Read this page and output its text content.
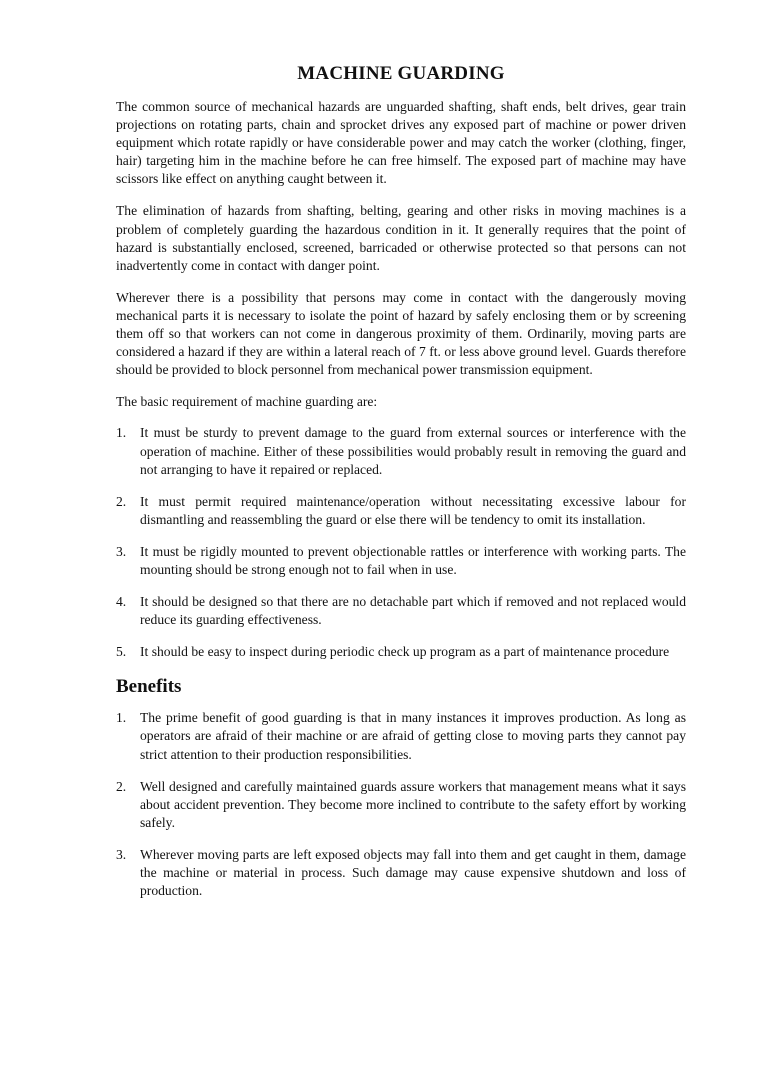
MACHINE GUARDING

The common source of mechanical hazards are unguarded shafting, shaft ends, belt drives, gear train projections on rotating parts, chain and sprocket drives any exposed part of machine or power driven equipment which rotate rapidly or have considerable power and may catch the worker (clothing, finger, hair) targeting him in the machine before he can free himself. The exposed part of machine may have scissors like effect on anything caught between it.

The elimination of hazards from shafting, belting, gearing and other risks in moving machines is a problem of completely guarding the hazardous condition in it. It generally requires that the point of hazard is substantially enclosed, screened, barricaded or otherwise protected so that persons can not inadvertently come in contact with danger point.

Wherever there is a possibility that persons may come in contact with the dangerously moving mechanical parts it is necessary to isolate the point of hazard by safely enclosing them or by screening them off so that workers can not come in dangerous proximity of them. Ordinarily, moving parts are considered a hazard if they are within a lateral reach of 7 ft. or less above ground level. Guards therefore should be provided to block personnel from mechanical power transmission equipment.

The basic requirement of machine guarding are:

1. It must be sturdy to prevent damage to the guard from external sources or interference with the operation of machine. Either of these possibilities would probably result in removing the guard and not arranging to have it repaired or replaced.
2. It must permit required maintenance/operation without necessitating excessive labour for dismantling and reassembling the guard or else there will be tendency to omit its installation.
3. It must be rigidly mounted to prevent objectionable rattles or interference with working parts. The mounting should be strong enough not to fail when in use.
4. It should be designed so that there are no detachable part which if removed and not replaced would reduce its guarding effectiveness.
5. It should be easy to inspect during periodic check up program as a part of maintenance procedure
Benefits
1. The prime benefit of good guarding is that in many instances it improves production. As long as operators are afraid of their machine or are afraid of getting close to moving parts they cannot pay strict attention to their production responsibilities.
2. Well designed and carefully maintained guards assure workers that management means what it says about accident prevention. They become more inclined to contribute to the safety effort by working safely.
3. Wherever moving parts are left exposed objects may fall into them and get caught in them, damage the machine or material in process. Such damage may cause expensive shutdown and loss of production.
